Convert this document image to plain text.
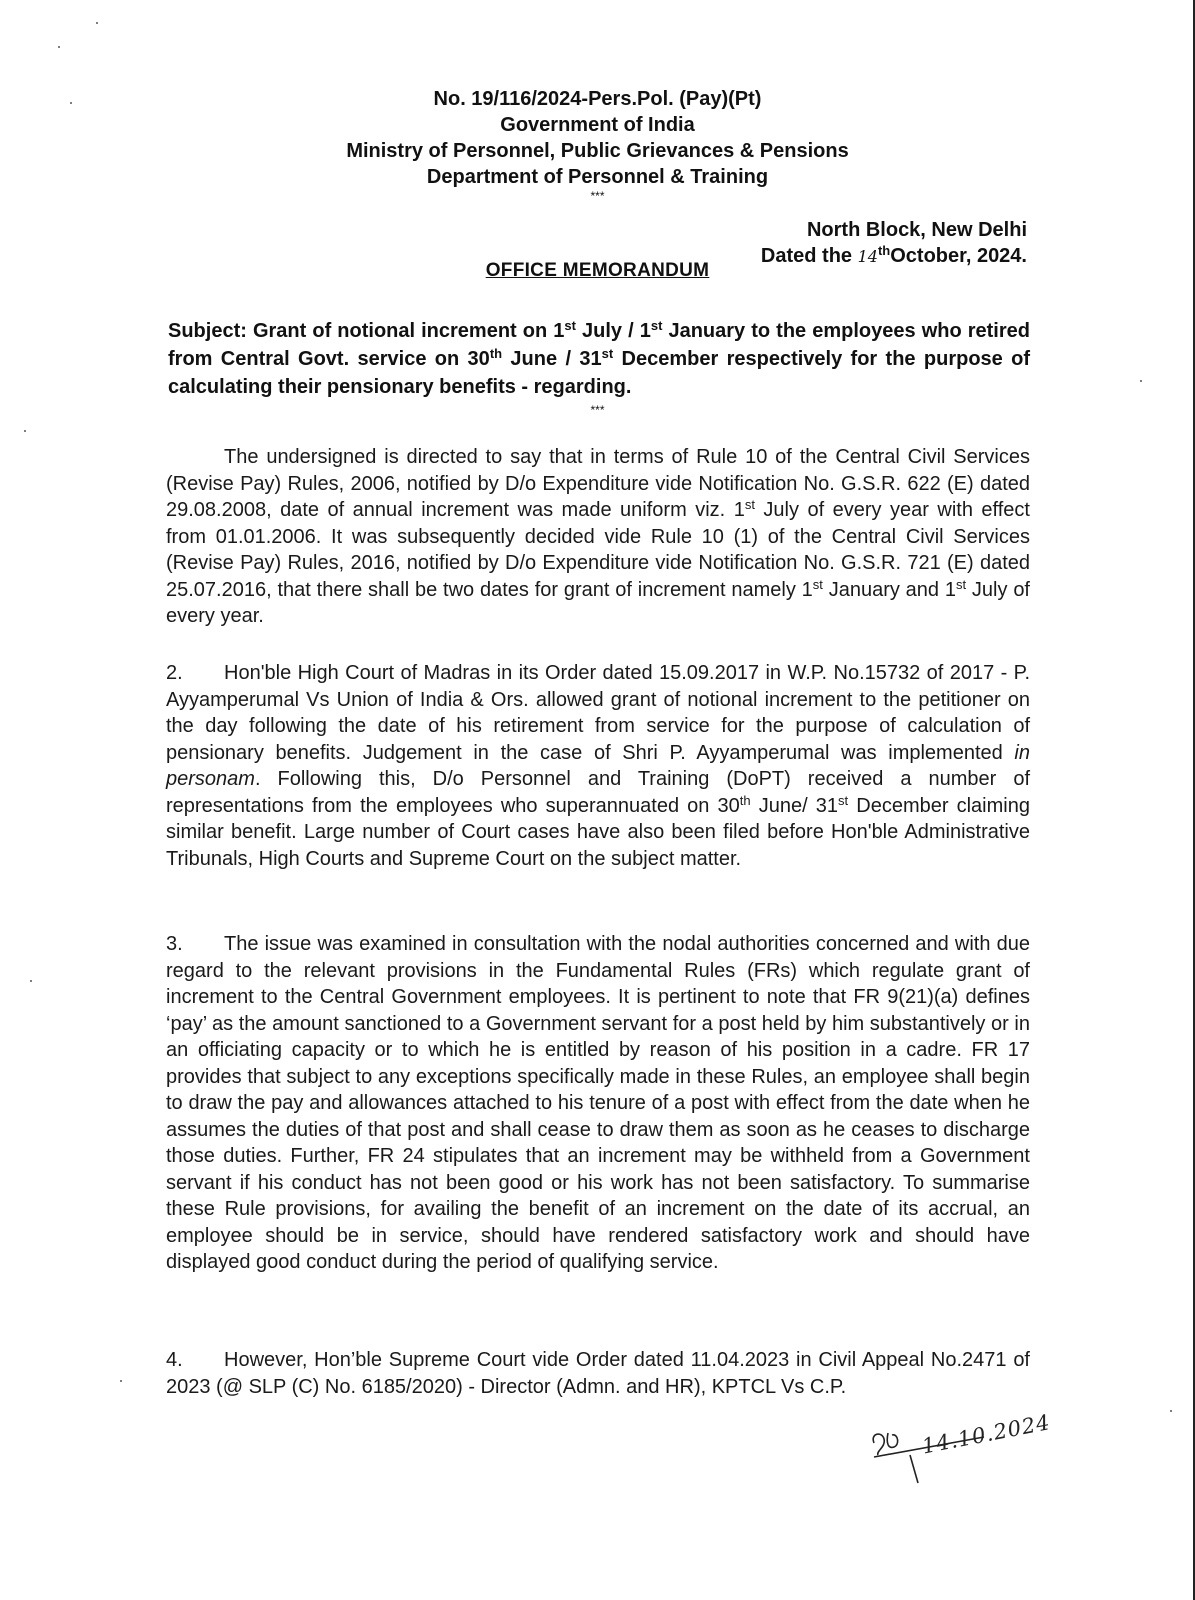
No. 19/116/2024-Pers.Pol. (Pay)(Pt)
Government of India
Ministry of Personnel, Public Grievances & Pensions
Department of Personnel & Training
***
North Block, New Delhi
Dated the 14thOctober, 2024.
OFFICE MEMORANDUM
Subject: Grant of notional increment on 1st July / 1st January to the employees who retired from Central Govt. service on 30th June / 31st December respectively for the purpose of calculating their pensionary benefits - regarding.
***
The undersigned is directed to say that in terms of Rule 10 of the Central Civil Services (Revise Pay) Rules, 2006, notified by D/o Expenditure vide Notification No. G.S.R. 622 (E) dated 29.08.2008, date of annual increment was made uniform viz. 1st July of every year with effect from 01.01.2006. It was subsequently decided vide Rule 10 (1) of the Central Civil Services (Revise Pay) Rules, 2016, notified by D/o Expenditure vide Notification No. G.S.R. 721 (E) dated 25.07.2016, that there shall be two dates for grant of increment namely 1st January and 1st July of every year.
2. Hon'ble High Court of Madras in its Order dated 15.09.2017 in W.P. No.15732 of 2017 - P. Ayyamperumal Vs Union of India & Ors. allowed grant of notional increment to the petitioner on the day following the date of his retirement from service for the purpose of calculation of pensionary benefits. Judgement in the case of Shri P. Ayyamperumal was implemented in personam. Following this, D/o Personnel and Training (DoPT) received a number of representations from the employees who superannuated on 30th June/ 31st December claiming similar benefit. Large number of Court cases have also been filed before Hon'ble Administrative Tribunals, High Courts and Supreme Court on the subject matter.
3. The issue was examined in consultation with the nodal authorities concerned and with due regard to the relevant provisions in the Fundamental Rules (FRs) which regulate grant of increment to the Central Government employees. It is pertinent to note that FR 9(21)(a) defines ‘pay’ as the amount sanctioned to a Government servant for a post held by him substantively or in an officiating capacity or to which he is entitled by reason of his position in a cadre. FR 17 provides that subject to any exceptions specifically made in these Rules, an employee shall begin to draw the pay and allowances attached to his tenure of a post with effect from the date when he assumes the duties of that post and shall cease to draw them as soon as he ceases to discharge those duties. Further, FR 24 stipulates that an increment may be withheld from a Government servant if his conduct has not been good or his work has not been satisfactory. To summarise these Rule provisions, for availing the benefit of an increment on the date of its accrual, an employee should be in service, should have rendered satisfactory work and should have displayed good conduct during the period of qualifying service.
4. However, Hon’ble Supreme Court vide Order dated 11.04.2023 in Civil Appeal No.2471 of 2023 (@ SLP (C) No. 6185/2020) - Director (Admn. and HR), KPTCL Vs C.P.
14.10.2024
